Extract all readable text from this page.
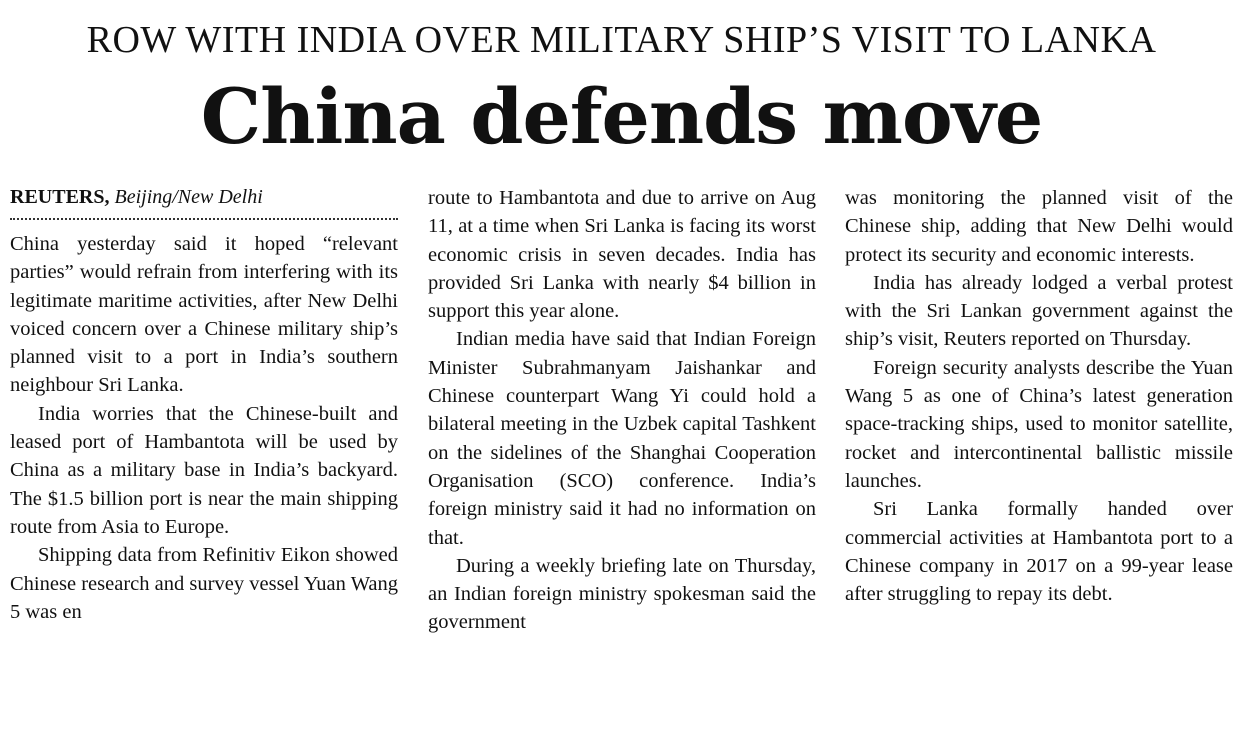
ROW WITH INDIA OVER MILITARY SHIP’S VISIT TO LANKA
China defends move
REUTERS, Beijing/New Delhi

China yesterday said it hoped “relevant parties” would refrain from interfering with its legitimate maritime activities, after New Delhi voiced concern over a Chinese military ship’s planned visit to a port in India’s southern neighbour Sri Lanka.

India worries that the Chinese-built and leased port of Hambantota will be used by China as a military base in India’s backyard. The $1.5 billion port is near the main shipping route from Asia to Europe.

Shipping data from Refinitiv Eikon showed Chinese research and survey vessel Yuan Wang 5 was en

route to Hambantota and due to arrive on Aug 11, at a time when Sri Lanka is facing its worst economic crisis in seven decades. India has provided Sri Lanka with nearly $4 billion in support this year alone.

Indian media have said that Indian Foreign Minister Subrahmanyam Jaishankar and Chinese counterpart Wang Yi could hold a bilateral meeting in the Uzbek capital Tashkent on the sidelines of the Shanghai Cooperation Organisation (SCO) conference. India’s foreign ministry said it had no information on that.

During a weekly briefing late on Thursday, an Indian foreign ministry spokesman said the government

was monitoring the planned visit of the Chinese ship, adding that New Delhi would protect its security and economic interests.

India has already lodged a verbal protest with the Sri Lankan government against the ship’s visit, Reuters reported on Thursday.

Foreign security analysts describe the Yuan Wang 5 as one of China’s latest generation space-tracking ships, used to monitor satellite, rocket and intercontinental ballistic missile launches.

Sri Lanka formally handed over commercial activities at Hambantota port to a Chinese company in 2017 on a 99-year lease after struggling to repay its debt.
